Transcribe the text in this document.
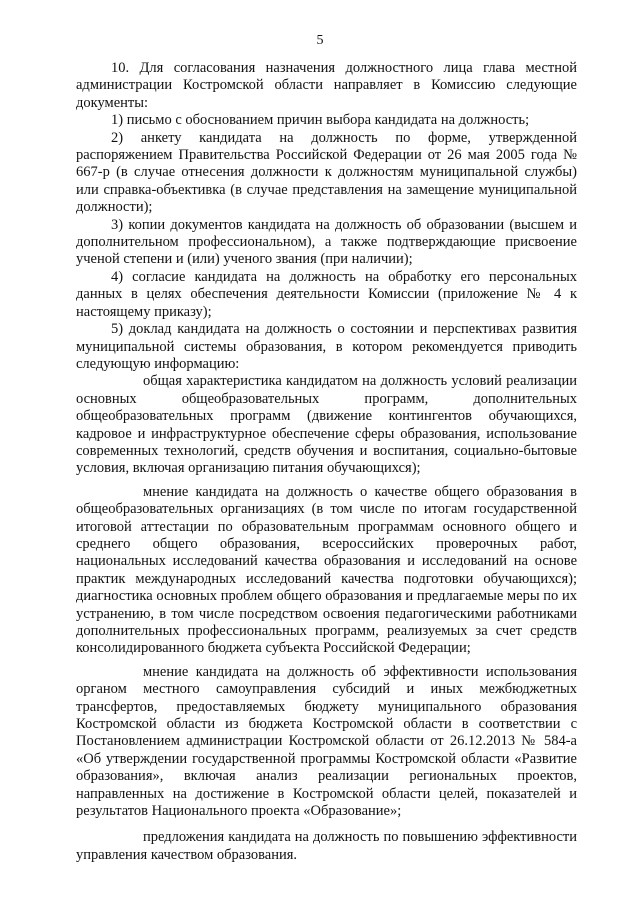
5

10. Для согласования назначения должностного лица глава местной администрации Костромской области направляет в Комиссию следующие документы:

1) письмо с обоснованием причин выбора кандидата на должность;

2) анкету кандидата на должность по форме, утвержденной распоряжением Правительства Российской Федерации от 26 мая 2005 года № 667-р (в случае отнесения должности к должностям муниципальной службы) или справка-объективка (в случае представления на замещение муниципальной должности);

3) копии документов кандидата на должность об образовании (высшем и дополнительном профессиональном), а также подтверждающие присвоение ученой степени и (или) ученого звания (при наличии);

4) согласие кандидата на должность на обработку его персональных данных в целях обеспечения деятельности Комиссии (приложение № 4 к настоящему приказу);

5) доклад кандидата на должность о состоянии и перспективах развития муниципальной системы образования, в котором рекомендуется приводить следующую информацию:

общая характеристика кандидатом на должность условий реализации основных общеобразовательных программ, дополнительных общеобразовательных программ (движение контингентов обучающихся, кадровое и инфраструктурное обеспечение сферы образования, использование современных технологий, средств обучения и воспитания, социально-бытовые условия, включая организацию питания обучающихся);

мнение кандидата на должность о качестве общего образования в общеобразовательных организациях (в том числе по итогам государственной итоговой аттестации по образовательным программам основного общего и среднего общего образования, всероссийских проверочных работ, национальных исследований качества образования и исследований на основе практик международных исследований качества подготовки обучающихся); диагностика основных проблем общего образования и предлагаемые меры по их устранению, в том числе посредством освоения педагогическими работниками дополнительных профессиональных программ, реализуемых за счет средств консолидированного бюджета субъекта Российской Федерации;

мнение кандидата на должность об эффективности использования органом местного самоуправления субсидий и иных межбюджетных трансфертов, предоставляемых бюджету муниципального образования Костромской области из бюджета Костромской области в соответствии с Постановлением администрации Костромской области от 26.12.2013 № 584-а «Об утверждении государственной программы Костромской области «Развитие образования», включая анализ реализации региональных проектов, направленных на достижение в Костромской области целей, показателей и результатов Национального проекта «Образование»;

предложения кандидата на должность по повышению эффективности управления качеством образования.
